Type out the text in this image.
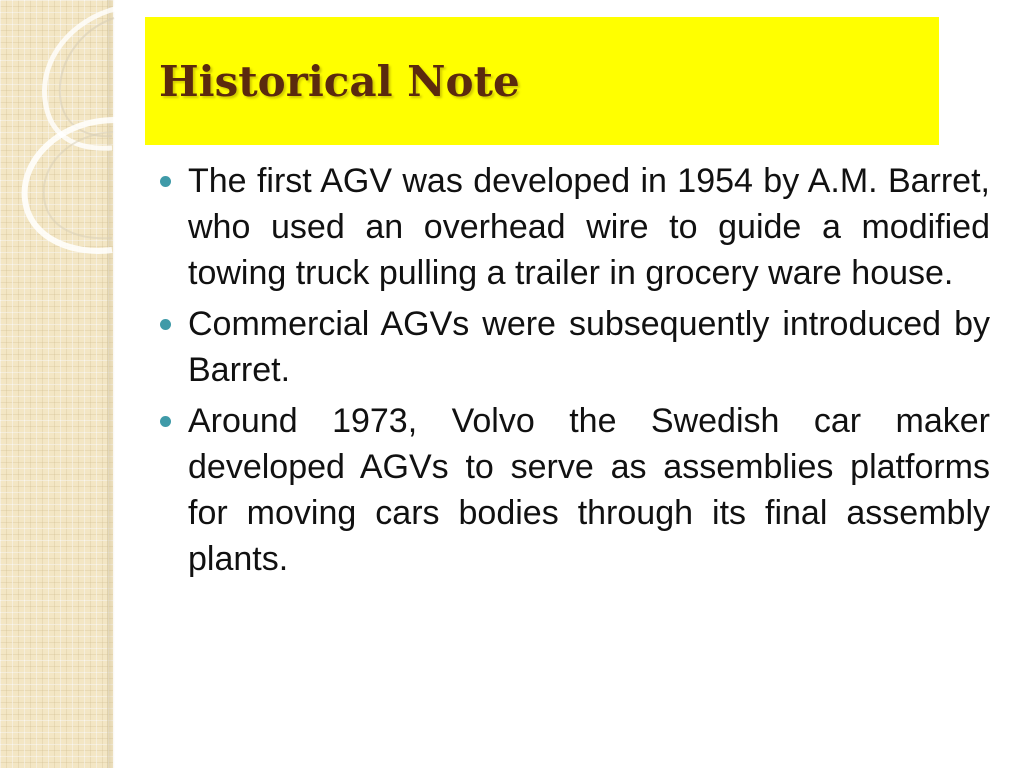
Historical Note
The first AGV was developed in 1954 by A.M. Barret, who used an overhead wire to guide a modified towing truck pulling a trailer in grocery ware house.
Commercial AGVs were subsequently introduced by Barret.
Around 1973, Volvo the Swedish car maker developed AGVs to serve as assemblies platforms for moving cars bodies through its final assembly plants.
